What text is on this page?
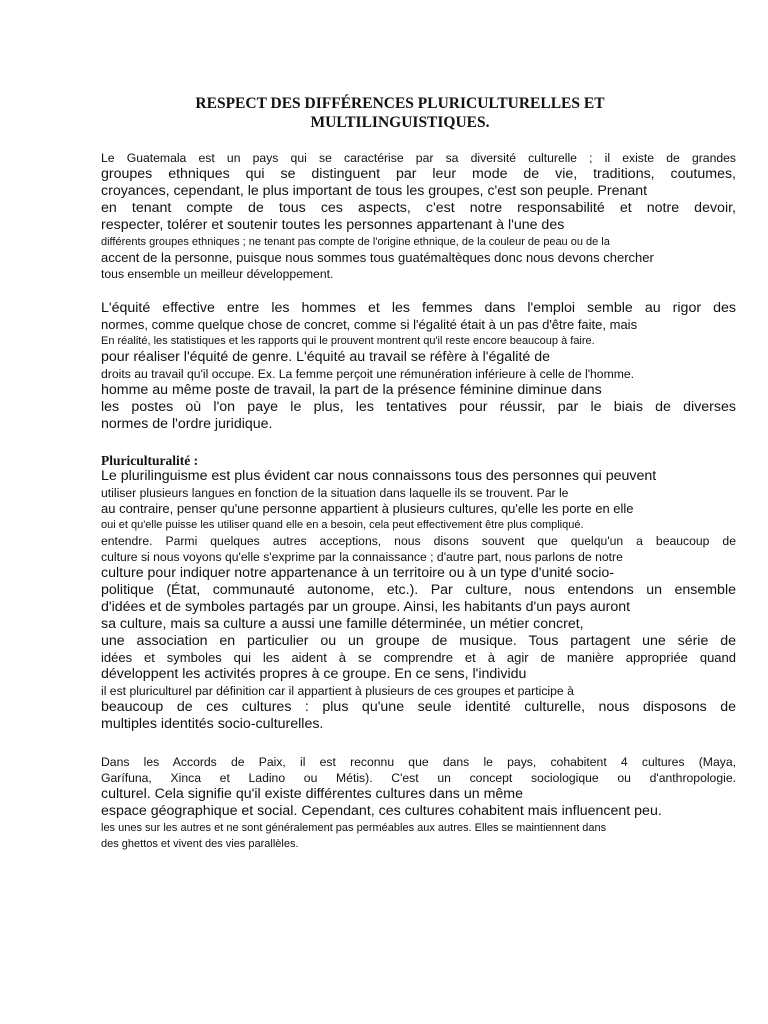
RESPECT DES DIFFÉRENCES PLURICULTURELLES ET
MULTILINGUISTIQUES.
Le Guatemala est un pays qui se caractérise par sa diversité culturelle ; il existe de grandes
groupes ethniques qui se distinguent par leur mode de vie, traditions, coutumes,
croyances, cependant, le plus important de tous les groupes, c'est son peuple. Prenant
en tenant compte de tous ces aspects, c'est notre responsabilité et notre devoir,
respecter, tolérer et soutenir toutes les personnes appartenant à l'une des
différents groupes ethniques ; ne tenant pas compte de l'origine ethnique, de la couleur de peau ou de la
accent de la personne, puisque nous sommes tous guatémaltèques donc nous devons chercher
tous ensemble un meilleur développement.
L'équité effective entre les hommes et les femmes dans l'emploi semble au rigor des
normes, comme quelque chose de concret, comme si l'égalité était à un pas d'être faite, mais
En réalité, les statistiques et les rapports qui le prouvent montrent qu'il reste encore beaucoup à faire.
pour réaliser l'équité de genre. L'équité au travail se réfère à l'égalité de
droits au travail qu'il occupe. Ex. La femme perçoit une rémunération inférieure à celle de l'homme.
homme au même poste de travail, la part de la présence féminine diminue dans
les postes où l'on paye le plus, les tentatives pour réussir, par le biais de diverses
normes de l'ordre juridique.
Pluriculturalité :
Le plurilinguisme est plus évident car nous connaissons tous des personnes qui peuvent
utiliser plusieurs langues en fonction de la situation dans laquelle ils se trouvent. Par le
au contraire, penser qu'une personne appartient à plusieurs cultures, qu'elle les porte en elle
oui et qu'elle puisse les utiliser quand elle en a besoin, cela peut effectivement être plus compliqué.
entendre. Parmi quelques autres acceptions, nous disons souvent que quelqu'un a beaucoup de
culture si nous voyons qu'elle s'exprime par la connaissance ; d'autre part, nous parlons de notre
culture pour indiquer notre appartenance à un territoire ou à un type d'unité socio-
politique (État, communauté autonome, etc.). Par culture, nous entendons un ensemble
d'idées et de symboles partagés par un groupe. Ainsi, les habitants d'un pays auront
sa culture, mais sa culture a aussi une famille déterminée, un métier concret,
une association en particulier ou un groupe de musique. Tous partagent une série de
idées et symboles qui les aident à se comprendre et à agir de manière appropriée quand
développent les activités propres à ce groupe. En ce sens, l'individu
il est pluriculturel par définition car il appartient à plusieurs de ces groupes et participe à
beaucoup de ces cultures : plus qu'une seule identité culturelle, nous disposons de
multiples identités socio-culturelles.
Dans les Accords de Paix, il est reconnu que dans le pays, cohabitent 4 cultures (Maya,
Garífuna, Xinca et Ladino ou Métis). C'est un concept sociologique ou d'anthropologie.
culturel. Cela signifie qu'il existe différentes cultures dans un même
espace géographique et social. Cependant, ces cultures cohabitent mais influencent peu.
les unes sur les autres et ne sont généralement pas perméables aux autres. Elles se maintiennent dans
des ghettos et vivent des vies parallèles.
